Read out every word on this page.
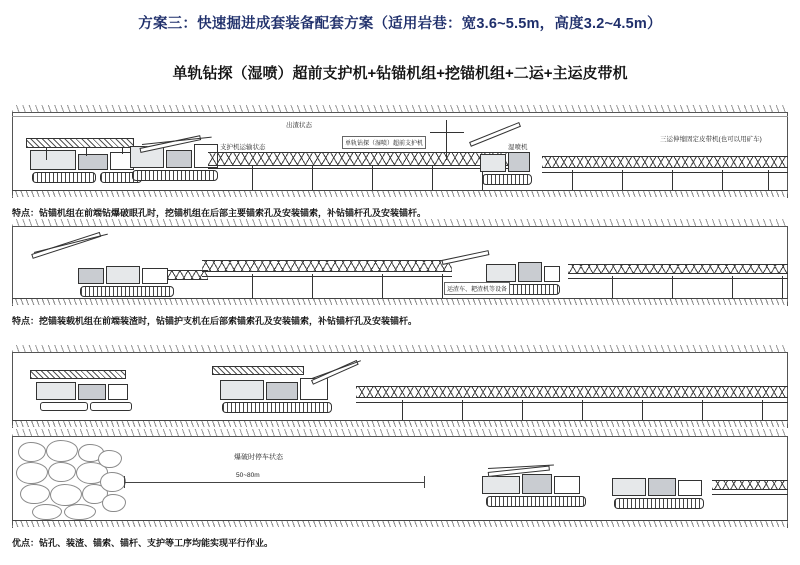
方案三：快速掘进成套装备配套方案（适用岩巷：宽3.6~5.5m，高度3.2~4.5m）
单轨钻探（湿喷）超前支护机+钻锚机组+挖锚机组+二运+主运皮带机
出渣状态
三运伸缩固定皮带机(也可以用矿车)
单轨钻探（湿喷）超前支护机
支护机运输状态	湿喷机
特点：钻锚机组在前端钻爆破眼孔时，挖锚机组在后部主要锚索孔及安装锚索，补钻锚杆孔及安装锚杆。
运渣车、耙渣机等设备
特点：挖锚装载机组在前端装渣时，钻锚护支机在后部索锚索孔及安装锚索，补钻锚杆孔及安装锚杆。
50~80m
爆破时停车状态
优点：钻孔、装渣、锚索、锚杆、支护等工序均能实现平行作业。
